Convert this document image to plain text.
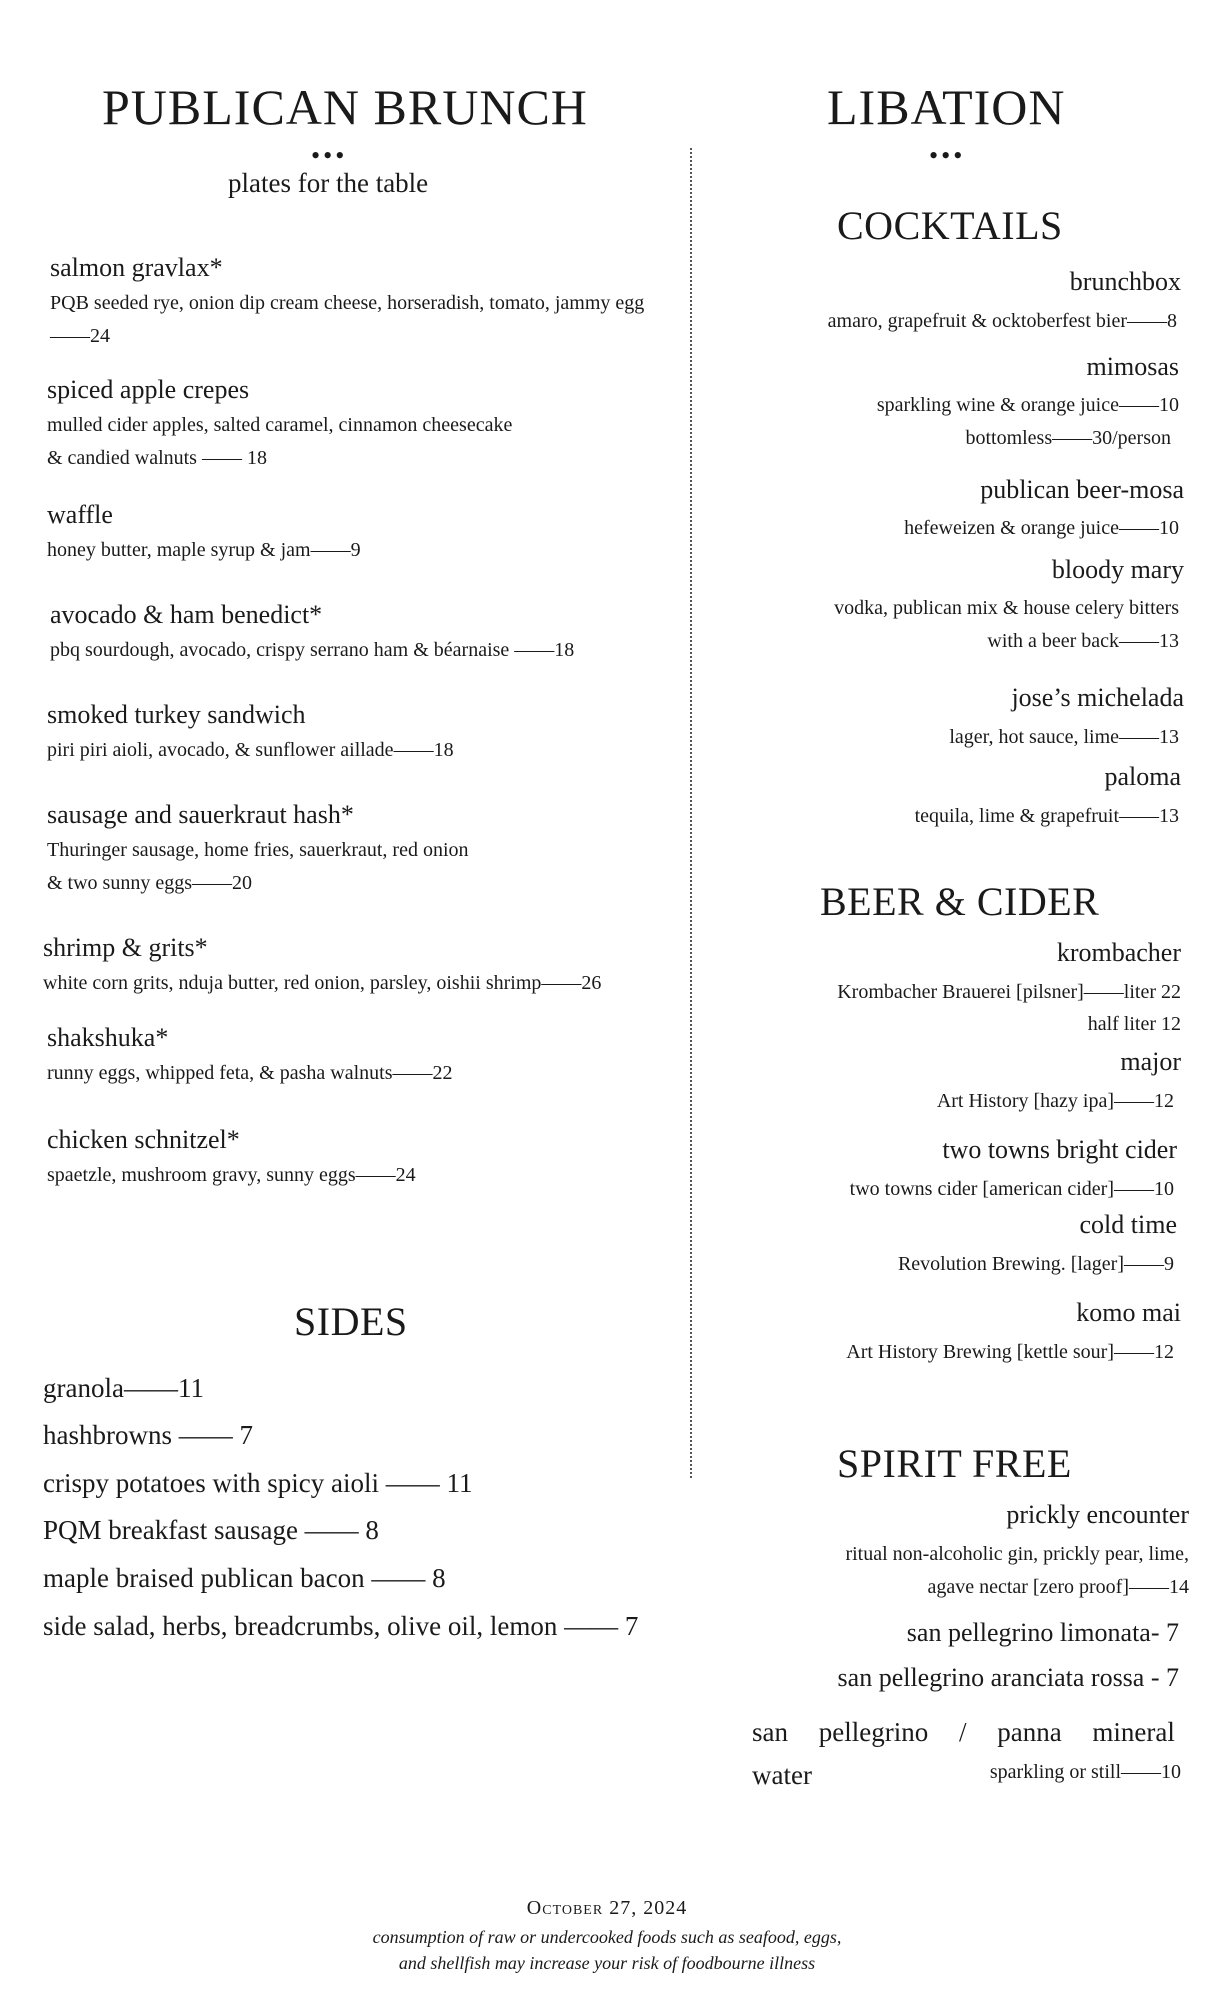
PUBLICAN BRUNCH
•••
plates for the table
salmon gravlax*
PQB seeded rye, onion dip cream cheese, horseradish, tomato, jammy egg——24
spiced apple crepes
mulled cider apples, salted caramel, cinnamon cheesecake
& candied walnuts —— 18
waffle
honey butter, maple syrup & jam——9
avocado & ham benedict*
pbq sourdough, avocado, crispy serrano ham & béarnaise ——18
smoked turkey sandwich
piri piri aioli, avocado, & sunflower aillade——18
sausage and sauerkraut hash*
Thuringer sausage, home fries, sauerkraut, red onion
& two sunny eggs——20
shrimp & grits*
white corn grits, nduja butter, red onion, parsley, oishii shrimp——26
shakshuka*
runny eggs, whipped feta, & pasha walnuts——22
chicken schnitzel*
spaetzle, mushroom gravy, sunny eggs——24
SIDES
granola——11
hashbrowns —— 7
crispy potatoes with spicy aioli —— 11
PQM breakfast sausage —— 8
maple braised publican bacon —— 8
side salad, herbs, breadcrumbs, olive oil, lemon —— 7
LIBATION
•••
COCKTAILS
brunchbox
amaro, grapefruit & ocktoberfest bier——8
mimosas
sparkling wine & orange juice——10
bottomless——30/person
publican beer-mosa
hefeweizen & orange juice——10
bloody mary
vodka, publican mix & house celery bitters
with a beer back——13
jose’s michelada
lager, hot sauce, lime——13
paloma
tequila, lime & grapefruit——13
BEER & CIDER
krombacher
Krombacher Brauerei [pilsner]——liter 22
half liter 12
major
Art History [hazy ipa]——12
two towns bright cider
two towns cider [american cider]——10
cold time
Revolution Brewing. [lager]——9
komo mai
Art History Brewing [kettle sour]——12
SPIRIT FREE
prickly encounter
ritual non-alcoholic gin, prickly pear, lime,
agave nectar [zero proof]——14
san pellegrino limonata- 7
san pellegrino aranciata rossa - 7
san pellegrino / panna mineral
water	sparkling or still——10
October 27, 2024
consumption of raw or undercooked foods such as seafood, eggs,
and shellfish may increase your risk of foodbourne illness
